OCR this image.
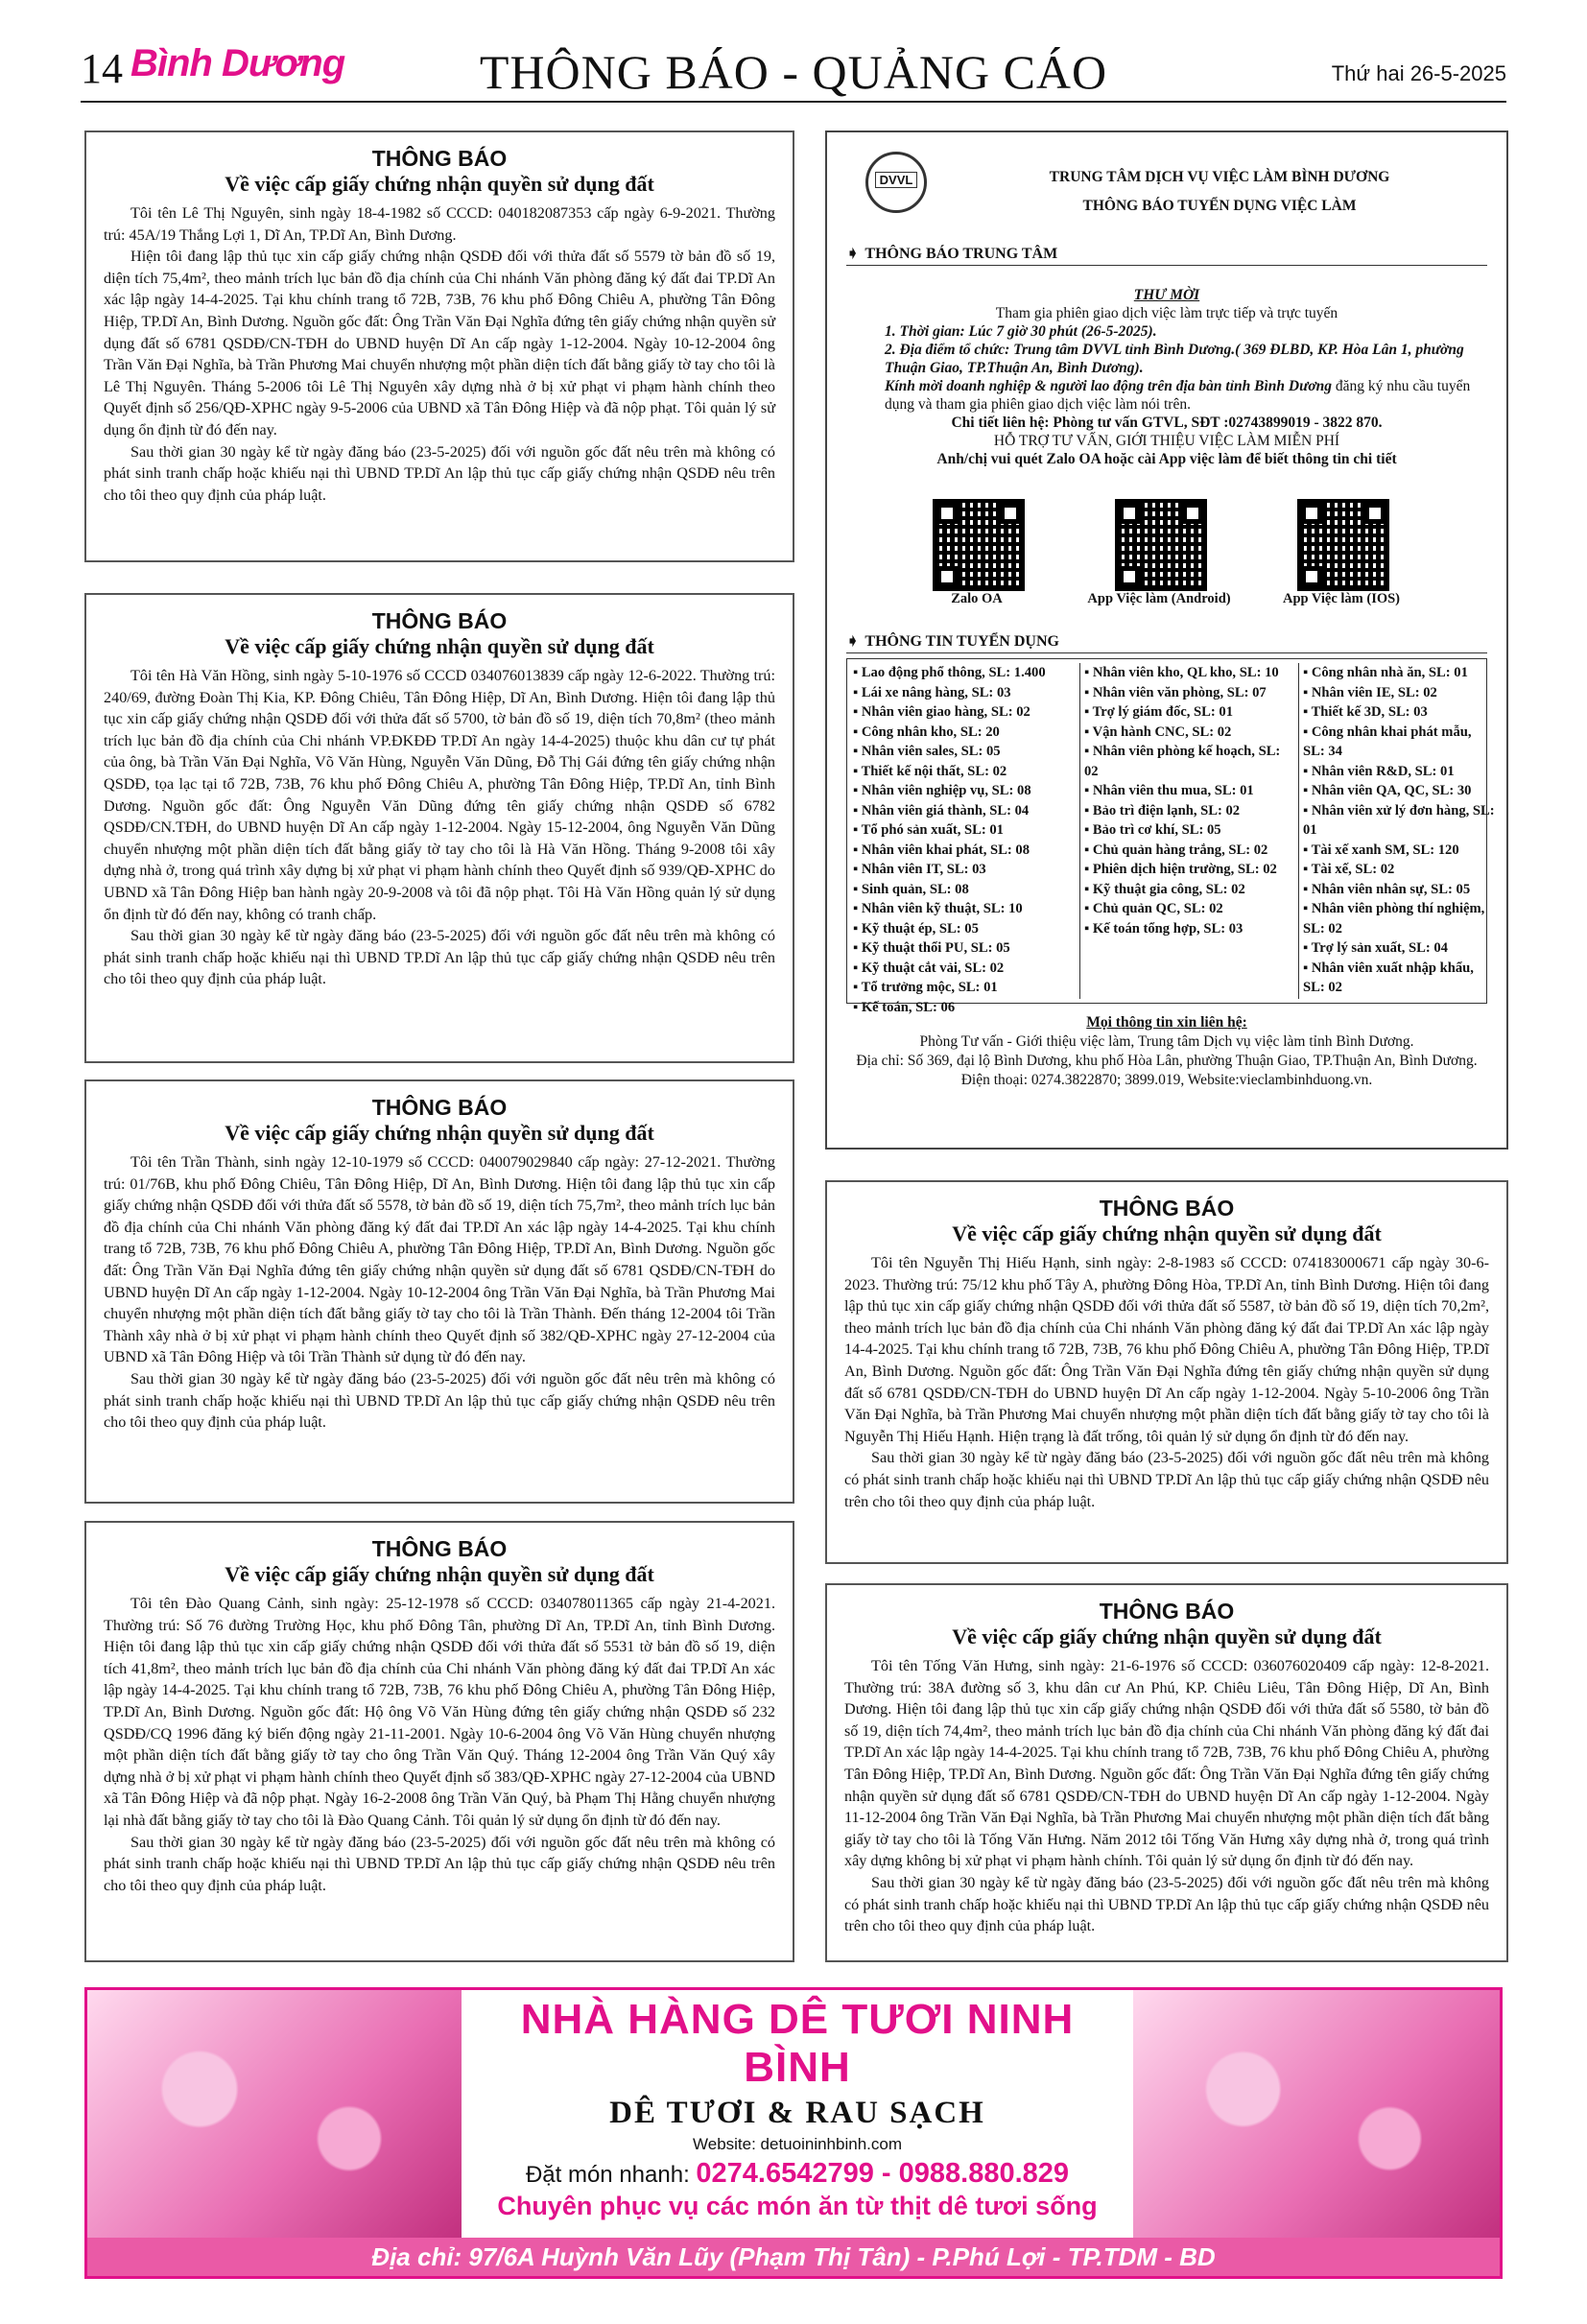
14 Bình Dương	THÔNG BÁO - QUẢNG CÁO	Thứ hai 26-5-2025
THÔNG BÁO
Về việc cấp giấy chứng nhận quyền sử dụng đất

Tôi tên Lê Thị Nguyên, sinh ngày 18-4-1982 số CCCD: 040182087353 cấp ngày 6-9-2021. Thường trú: 45A/19 Thắng Lợi 1, Dĩ An, TP.Dĩ An, Bình Dương.

Hiện tôi đang lập thủ tục xin cấp giấy chứng nhận QSDĐ đối với thửa đất số 5579 tờ bản đồ số 19, diện tích 75,4m², theo mảnh trích lục bản đồ địa chính của Chi nhánh Văn phòng đăng ký đất đai TP.Dĩ An xác lập ngày 14-4-2025. Tại khu chính trang tổ 72B, 73B, 76 khu phố Đông Chiêu A, phường Tân Đông Hiệp, TP.Dĩ An, Bình Dương. Nguồn gốc đất: Ông Trần Văn Đại Nghĩa đứng tên giấy chứng nhận quyền sử dụng đất số 6781 QSDĐ/CN-TĐH do UBND huyện Dĩ An cấp ngày 1-12-2004. Ngày 10-12-2004 ông Trần Văn Đại Nghĩa, bà Trần Phương Mai chuyển nhượng một phần diện tích đất bằng giấy tờ tay cho tôi là Lê Thị Nguyên. Tháng 5-2006 tôi Lê Thị Nguyên xây dựng nhà ở bị xử phạt vi phạm hành chính theo Quyết định số 256/QĐ-XPHC ngày 9-5-2006 của UBND xã Tân Đông Hiệp và đã nộp phạt. Tôi quản lý sử dụng ổn định từ đó đến nay.

Sau thời gian 30 ngày kể từ ngày đăng báo (23-5-2025) đối với nguồn gốc đất nêu trên mà không có phát sinh tranh chấp hoặc khiếu nại thì UBND TP.Dĩ An lập thủ tục cấp giấy chứng nhận QSDĐ nêu trên cho tôi theo quy định của pháp luật.

THÔNG BÁO
Về việc cấp giấy chứng nhận quyền sử dụng đất

Tôi tên Hà Văn Hồng, sinh ngày 5-10-1976 số CCCD 034076013839 cấp ngày 12-6-2022. Thường trú: 240/69, đường Đoàn Thị Kia, KP. Đông Chiêu, Tân Đông Hiệp, Dĩ An, Bình Dương. Hiện tôi đang lập thủ tục xin cấp giấy chứng nhận QSDĐ đối với thửa đất số 5700, tờ bản đồ số 19, diện tích 70,8m² (theo mảnh trích lục bản đồ địa chính của Chi nhánh VP.ĐKĐĐ TP.Dĩ An ngày 14-4-2025) thuộc khu dân cư tự phát của ông, bà Trần Văn Đại Nghĩa, Võ Văn Hùng, Nguyễn Văn Dũng, Đỗ Thị Gái đứng tên giấy chứng nhận QSDĐ, tọa lạc tại tổ 72B, 73B, 76 khu phố Đông Chiêu A, phường Tân Đông Hiệp, TP.Dĩ An, tỉnh Bình Dương. Nguồn gốc đất: Ông Nguyễn Văn Dũng đứng tên giấy chứng nhận QSDĐ số 6782 QSDĐ/CN.TĐH, do UBND huyện Dĩ An cấp ngày 1-12-2004. Ngày 15-12-2004, ông Nguyễn Văn Dũng chuyển nhượng một phần diện tích đất bằng giấy tờ tay cho tôi là Hà Văn Hồng. Tháng 9-2008 tôi xây dựng nhà ở, trong quá trình xây dựng bị xử phạt vi phạm hành chính theo Quyết định số 939/QĐ-XPHC do UBND xã Tân Đông Hiệp ban hành ngày 20-9-2008 và tôi đã nộp phạt. Tôi Hà Văn Hồng quản lý sử dụng ổn định từ đó đến nay, không có tranh chấp.

Sau thời gian 30 ngày kể từ ngày đăng báo (23-5-2025) đối với nguồn gốc đất nêu trên mà không có phát sinh tranh chấp hoặc khiếu nại thì UBND TP.Dĩ An lập thủ tục cấp giấy chứng nhận QSDĐ nêu trên cho tôi theo quy định của pháp luật.

THÔNG BÁO
Về việc cấp giấy chứng nhận quyền sử dụng đất

Tôi tên Trần Thành, sinh ngày 12-10-1979 số CCCD: 040079029840 cấp ngày: 27-12-2021. Thường trú: 01/76B, khu phố Đông Chiêu, Tân Đông Hiệp, Dĩ An, Bình Dương. Hiện tôi đang lập thủ tục xin cấp giấy chứng nhận QSDĐ đối với thửa đất số 5578, tờ bản đồ số 19, diện tích 75,7m², theo mảnh trích lục bản đồ địa chính của Chi nhánh Văn phòng đăng ký đất đai TP.Dĩ An xác lập ngày 14-4-2025. Tại khu chính trang tổ 72B, 73B, 76 khu phố Đông Chiêu A, phường Tân Đông Hiệp, TP.Dĩ An, Bình Dương. Nguồn gốc đất: Ông Trần Văn Đại Nghĩa đứng tên giấy chứng nhận quyền sử dụng đất số 6781 QSDĐ/CN-TĐH do UBND huyện Dĩ An cấp ngày 1-12-2004. Ngày 10-12-2004 ông Trần Văn Đại Nghĩa, bà Trần Phương Mai chuyển nhượng một phần diện tích đất bằng giấy tờ tay cho tôi là Trần Thành. Đến tháng 12-2004 tôi Trần Thành xây nhà ở bị xử phạt vi phạm hành chính theo Quyết định số 382/QĐ-XPHC ngày 27-12-2004 của UBND xã Tân Đông Hiệp và tôi Trần Thành sử dụng từ đó đến nay.

Sau thời gian 30 ngày kể từ ngày đăng báo (23-5-2025) đối với nguồn gốc đất nêu trên mà không có phát sinh tranh chấp hoặc khiếu nại thì UBND TP.Dĩ An lập thủ tục cấp giấy chứng nhận QSDĐ nêu trên cho tôi theo quy định của pháp luật.

THÔNG BÁO
Về việc cấp giấy chứng nhận quyền sử dụng đất

Tôi tên Đào Quang Cảnh, sinh ngày: 25-12-1978 số CCCD: 034078011365 cấp ngày 21-4-2021. Thường trú: Số 76 đường Trường Học, khu phố Đông Tân, phường Dĩ An, TP.Dĩ An, tỉnh Bình Dương. Hiện tôi đang lập thủ tục xin cấp giấy chứng nhận QSDĐ đối với thửa đất số 5531 tờ bản đồ số 19, diện tích 41,8m², theo mảnh trích lục bản đồ địa chính của Chi nhánh Văn phòng đăng ký đất đai TP.Dĩ An xác lập ngày 14-4-2025. Tại khu chính trang tổ 72B, 73B, 76 khu phố Đông Chiêu A, phường Tân Đông Hiệp, TP.Dĩ An, Bình Dương. Nguồn gốc đất: Hộ ông Võ Văn Hùng đứng tên giấy chứng nhận QSDĐ số 232 QSDĐ/CQ 1996 đăng ký biến động ngày 21-11-2001. Ngày 10-6-2004 ông Võ Văn Hùng chuyển nhượng một phần diện tích đất bằng giấy tờ tay cho ông Trần Văn Quý. Tháng 12-2004 ông Trần Văn Quý xây dựng nhà ở bị xử phạt vi phạm hành chính theo Quyết định số 383/QĐ-XPHC ngày 27-12-2004 của UBND xã Tân Đông Hiệp và đã nộp phạt. Ngày 16-2-2008 ông Trần Văn Quý, bà Phạm Thị Hằng chuyển nhượng lại nhà đất bằng giấy tờ tay cho tôi là Đào Quang Cảnh. Tôi quản lý sử dụng ổn định từ đó đến nay.

Sau thời gian 30 ngày kể từ ngày đăng báo (23-5-2025) đối với nguồn gốc đất nêu trên mà không có phát sinh tranh chấp hoặc khiếu nại thì UBND TP.Dĩ An lập thủ tục cấp giấy chứng nhận QSDĐ nêu trên cho tôi theo quy định của pháp luật.

DVVL	TRUNG TÂM DỊCH VỤ VIỆC LÀM BÌNH DƯƠNG
THÔNG BÁO TUYỂN DỤNG VIỆC LÀM
➧ THÔNG BÁO TRUNG TÂM
THƯ MỜI
Tham gia phiên giao dịch việc làm trực tiếp và trực tuyến
1. Thời gian: Lúc 7 giờ 30 phút (26-5-2025).
2. Địa điểm tổ chức: Trung tâm DVVL tỉnh Bình Dương.( 369 ĐLBD, KP. Hòa Lân 1, phường Thuận Giao, TP.Thuận An, Bình Dương).
Kính mời doanh nghiệp & người lao động trên địa bàn tỉnh Bình Dương đăng ký nhu cầu tuyển dụng và tham gia phiên giao dịch việc làm nói trên.
Chi tiết liên hệ: Phòng tư vấn GTVL, SĐT :02743899019 - 3822 870.
HỖ TRỢ TƯ VẤN, GIỚI THIỆU VIỆC LÀM MIỄN PHÍ
Anh/chị vui quét Zalo OA hoặc cài App việc làm để biết thông tin chi tiết
Zalo OA	App Việc làm (Android)	App Việc làm (IOS)
➧ THÔNG TIN TUYỂN DỤNG
▪ Lao động phổ thông, SL: 1.400
▪ Lái xe nâng hàng, SL: 03
▪ Nhân viên giao hàng, SL: 02
▪ Công nhân kho, SL: 20
▪ Nhân viên sales, SL: 05
▪ Thiết kế nội thất, SL: 02
▪ Nhân viên nghiệp vụ, SL: 08
▪ Nhân viên giá thành, SL: 04
▪ Tổ phó sản xuất, SL: 01
▪ Nhân viên khai phát, SL: 08
▪ Nhân viên IT, SL: 03
▪ Sinh quản, SL: 08
▪ Nhân viên kỹ thuật, SL: 10
▪ Kỹ thuật ép, SL: 05
▪ Kỹ thuật thổi PU, SL: 05
▪ Kỹ thuật cắt vải, SL: 02
▪ Tổ trưởng mộc, SL: 01
▪ Kế toán, SL: 06
▪ Nhân viên kho, QL kho, SL: 10
▪ Nhân viên văn phòng, SL: 07
▪ Trợ lý giám đốc, SL: 01
▪ Vận hành CNC, SL: 02
▪ Nhân viên phòng kế hoạch, SL: 02
▪ Nhân viên thu mua, SL: 01
▪ Bảo trì điện lạnh, SL: 02
▪ Bảo trì cơ khí, SL: 05
▪ Chủ quản hàng trắng, SL: 02
▪ Phiên dịch hiện trường, SL: 02
▪ Kỹ thuật gia công, SL: 02
▪ Chủ quản QC, SL: 02
▪ Kế toán tổng hợp, SL: 03
▪ Công nhân nhà ăn, SL: 01
▪ Nhân viên IE, SL: 02
▪ Thiết kế 3D, SL: 03
▪ Công nhân khai phát mẫu, SL: 34
▪ Nhân viên R&D, SL: 01
▪ Nhân viên QA, QC, SL: 30
▪ Nhân viên xử lý đơn hàng, SL: 01
▪ Tài xế xanh SM, SL: 120
▪ Tài xế, SL: 02
▪ Nhân viên nhân sự, SL: 05
▪ Nhân viên phòng thí nghiệm, SL: 02
▪ Trợ lý sản xuất, SL: 04
▪ Nhân viên xuất nhập khẩu, SL: 02
Mọi thông tin xin liên hệ:
Phòng Tư vấn - Giới thiệu việc làm, Trung tâm Dịch vụ việc làm tỉnh Bình Dương.
Địa chỉ: Số 369, đại lộ Bình Dương, khu phố Hòa Lân, phường Thuận Giao, TP.Thuận An, Bình Dương.
Điện thoại: 0274.3822870; 3899.019, Website:vieclambinhduong.vn.
THÔNG BÁO
Về việc cấp giấy chứng nhận quyền sử dụng đất

Tôi tên Nguyễn Thị Hiếu Hạnh, sinh ngày: 2-8-1983 số CCCD: 074183000671 cấp ngày 30-6-2023. Thường trú: 75/12 khu phố Tây A, phường Đông Hòa, TP.Dĩ An, tỉnh Bình Dương. Hiện tôi đang lập thủ tục xin cấp giấy chứng nhận QSDĐ đối với thửa đất số 5587, tờ bản đồ số 19, diện tích 70,2m², theo mảnh trích lục bản đồ địa chính của Chi nhánh Văn phòng đăng ký đất đai TP.Dĩ An xác lập ngày 14-4-2025. Tại khu chính trang tổ 72B, 73B, 76 khu phố Đông Chiêu A, phường Tân Đông Hiệp, TP.Dĩ An, Bình Dương. Nguồn gốc đất: Ông Trần Văn Đại Nghĩa đứng tên giấy chứng nhận quyền sử dụng đất số 6781 QSDĐ/CN-TĐH do UBND huyện Dĩ An cấp ngày 1-12-2004. Ngày 5-10-2006 ông Trần Văn Đại Nghĩa, bà Trần Phương Mai chuyển nhượng một phần diện tích đất bằng giấy tờ tay cho tôi là Nguyễn Thị Hiếu Hạnh. Hiện trạng là đất trống, tôi quản lý sử dụng ổn định từ đó đến nay.

Sau thời gian 30 ngày kể từ ngày đăng báo (23-5-2025) đối với nguồn gốc đất nêu trên mà không có phát sinh tranh chấp hoặc khiếu nại thì UBND TP.Dĩ An lập thủ tục cấp giấy chứng nhận QSDĐ nêu trên cho tôi theo quy định của pháp luật.

THÔNG BÁO
Về việc cấp giấy chứng nhận quyền sử dụng đất

Tôi tên Tống Văn Hưng, sinh ngày: 21-6-1976 số CCCD: 036076020409 cấp ngày: 12-8-2021. Thường trú: 38A đường số 3, khu dân cư An Phú, KP. Chiêu Liêu, Tân Đông Hiệp, Dĩ An, Bình Dương. Hiện tôi đang lập thủ tục xin cấp giấy chứng nhận QSDĐ đối với thửa đất số 5580, tờ bản đồ số 19, diện tích 74,4m², theo mảnh trích lục bản đồ địa chính của Chi nhánh Văn phòng đăng ký đất đai TP.Dĩ An xác lập ngày 14-4-2025. Tại khu chính trang tổ 72B, 73B, 76 khu phố Đông Chiêu A, phường Tân Đông Hiệp, TP.Dĩ An, Bình Dương. Nguồn gốc đất: Ông Trần Văn Đại Nghĩa đứng tên giấy chứng nhận quyền sử dụng đất số 6781 QSDĐ/CN-TĐH do UBND huyện Dĩ An cấp ngày 1-12-2004. Ngày 11-12-2004 ông Trần Văn Đại Nghĩa, bà Trần Phương Mai chuyển nhượng một phần diện tích đất bằng giấy tờ tay cho tôi là Tống Văn Hưng. Năm 2012 tôi Tống Văn Hưng xây dựng nhà ở, trong quá trình xây dựng không bị xử phạt vi phạm hành chính. Tôi quản lý sử dụng ổn định từ đó đến nay.

Sau thời gian 30 ngày kể từ ngày đăng báo (23-5-2025) đối với nguồn gốc đất nêu trên mà không có phát sinh tranh chấp hoặc khiếu nại thì UBND TP.Dĩ An lập thủ tục cấp giấy chứng nhận QSDĐ nêu trên cho tôi theo quy định của pháp luật.

NHÀ HÀNG DÊ TƯƠI NINH BÌNH
DÊ TƯƠI & RAU SẠCH
Website: detuoininhbinh.com
Đặt món nhanh: 0274.6542799 - 0988.880.829
Chuyên phục vụ các món ăn từ thịt dê tươi sống
Địa chỉ: 97/6A Huỳnh Văn Lũy (Phạm Thị Tân) - P.Phú Lợi - TP.TDM - BD
